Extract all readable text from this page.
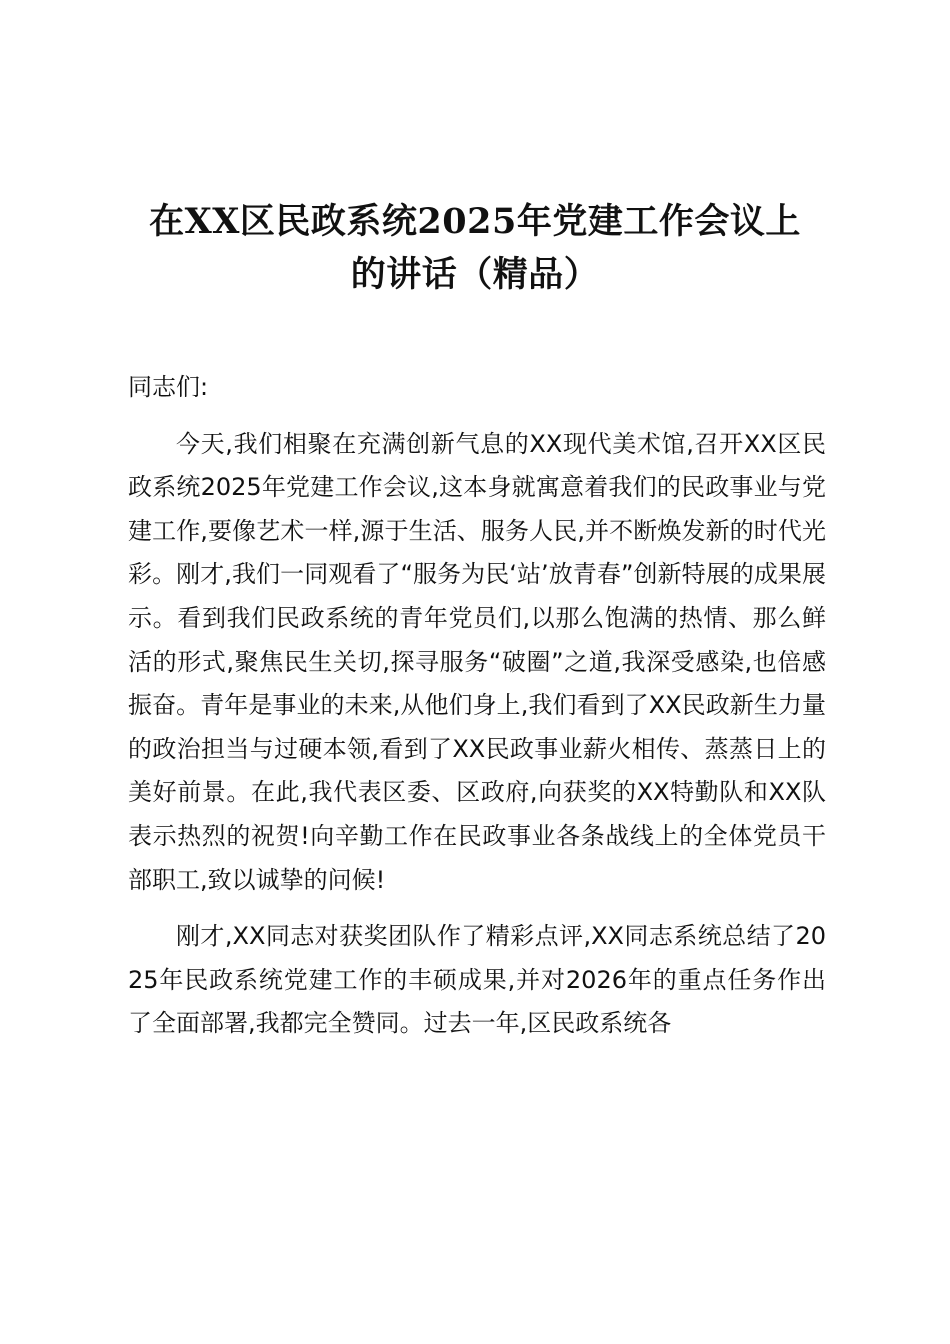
在XX区民政系统2025年党建工作会议上
的讲话（精品）

同志们:

今天,我们相聚在充满创新气息的XX现代美术馆,召开XX区民政系统2025年党建工作会议,这本身就寓意着我们的民政事业与党建工作,要像艺术一样,源于生活、服务人民,并不断焕发新的时代光彩。刚才,我们一同观看了“服务为民‘站’放青春”创新特展的成果展示。看到我们民政系统的青年党员们,以那么饱满的热情、那么鲜活的形式,聚焦民生关切,探寻服务“破圈”之道,我深受感染,也倍感振奋。青年是事业的未来,从他们身上,我们看到了XX民政新生力量的政治担当与过硬本领,看到了XX民政事业薪火相传、蒸蒸日上的美好前景。在此,我代表区委、区政府,向获奖的XX特勤队和XX队表示热烈的祝贺!向辛勤工作在民政事业各条战线上的全体党员干部职工,致以诚挚的问候!

刚才,XX同志对获奖团队作了精彩点评,XX同志系统总结了2025年民政系统党建工作的丰硕成果,并对2026年的重点任务作出了全面部署,我都完全赞同。过去一年,区民政系统各
